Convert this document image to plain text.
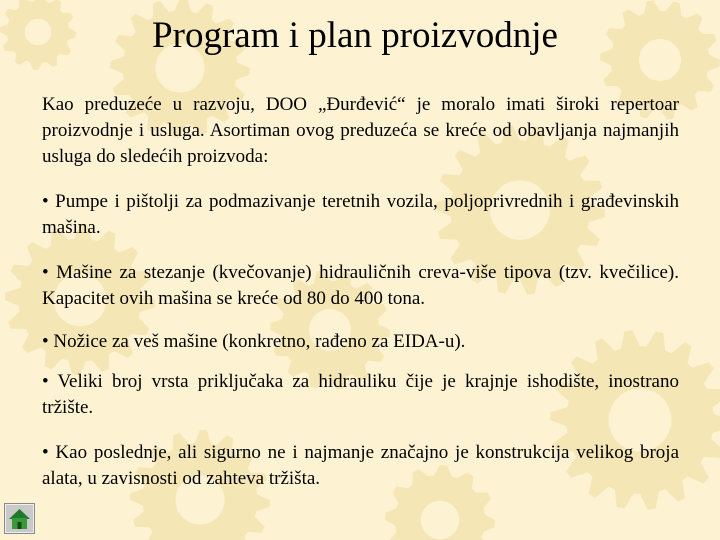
Program i plan proizvodnje
Kao preduzeće u razvoju, DOO „Đurđević“ je moralo imati široki repertoar proizvodnje i usluga. Asortiman ovog preduzeća se kreće od obavljanja najmanjih usluga do sledećih proizvoda:
• Pumpe i pištolji za podmazivanje teretnih vozila, poljoprivrednih i građevinskih mašina.
• Mašine za stezanje (kvečovanje) hidrauličnih creva-više tipova (tzv. kvečilice). Kapacitet ovih mašina se kreće od 80 do 400 tona.
• Nožice za veš mašine (konkretno, rađeno za EIDA-u).
• Veliki broj vrsta priključaka za hidrauliku čije je krajnje ishodište, inostrano tržište.
• Kao poslednje, ali sigurno ne i najmanje značajno je konstrukcija velikog broja alata, u zavisnosti od zahteva tržišta.
